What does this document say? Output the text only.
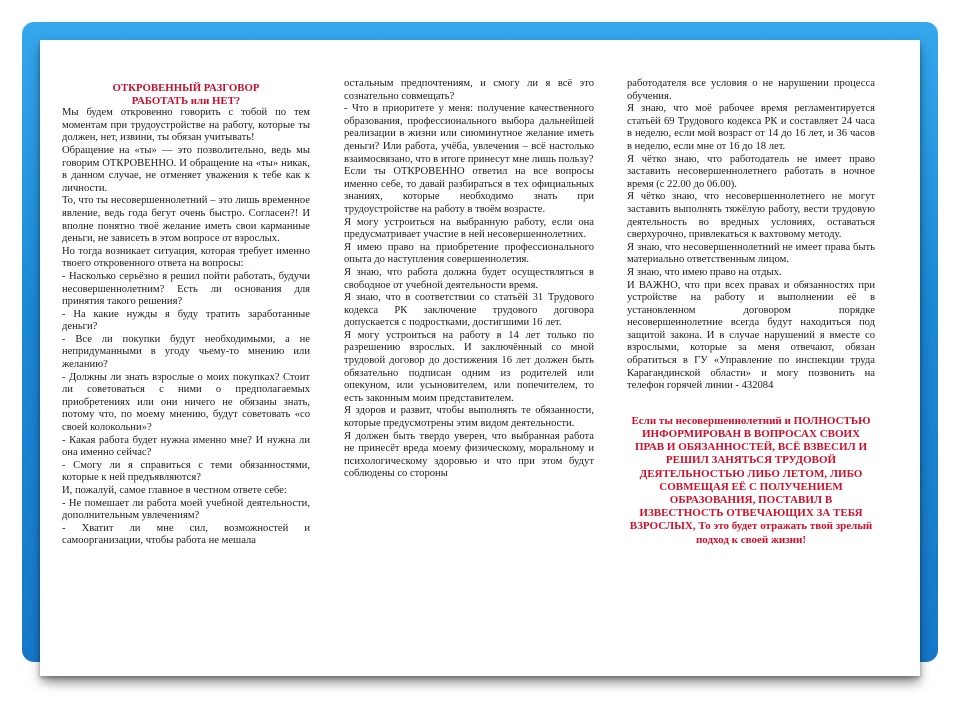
ОТКРОВЕННЫЙ РАЗГОВОР

РАБОТАТЬ или НЕТ?

Мы будем откровенно говорить с тобой по тем моментам при трудоустройстве на работу, которые ты должен, нет, извини, ты обязан учитывать!

Обращение на «ты» — это позволительно, ведь мы говорим ОТКРОВЕННО. И обращение на «ты» никак, в данном случае, не отменяет уважения к тебе как к личности.

То, что ты несовершеннолетний – это лишь временное явление, ведь года бегут очень быстро. Согласен?! И вполне понятно твоё желание иметь свои карманные деньги, не зависеть в этом вопросе от взрослых.

Но тогда возникает ситуация, которая требует именно твоего откровенного ответа на вопросы:

- Насколько серьёзно я решил пойти работать, будучи несовершеннолетним? Есть ли основания для принятия такого решения?

- На какие нужды я буду тратить заработанные деньги?

- Все ли покупки будут необходимыми, а не непридуманными в угоду чьему-то мнению или желанию?

- Должны ли знать взрослые о моих покупках? Стоит ли советоваться с ними о предполагаемых приобретениях или они ничего не обязаны знать, потому что, по моему мнению, будут советовать «со своей колокольни»?

- Какая работа будет нужна именно мне? И нужна ли она именно сейчас?

- Смогу ли я справиться с теми обязанностями, которые к ней предъявляются?

И, пожалуй, самое главное в честном ответе себе:

- Не помешает ли работа моей учебной деятельности, дополнительным увлечениям?

- Хватит ли мне сил, возможностей и самоорганизации, чтобы работа не мешала

остальным предпочтениям, и смогу ли я всё это сознательно совмещать?

- Что в приоритете у меня: получение качественного образования, профессионального выбора дальнейшей реализации в жизни или сиюминутное желание иметь деньги? Или работа, учёба, увлечения – всё настолько взаимосвязано, что в итоге принесут мне лишь пользу?

Если ты ОТКРОВЕННО ответил на все вопросы именно себе, то давай разбираться в тех официальных знаниях, которые необходимо знать при трудоустройстве на работу в твоём возрасте.

Я могу устроиться на выбранную работу, если она предусматривает участие в ней несовершеннолетних.

Я имею право на приобретение профессионального опыта до наступления совершеннолетия.

Я знаю, что работа должна будет осуществляться в свободное от учебной деятельности время.

Я знаю, что в соответствии со статьёй 31 Трудового кодекса РК заключение трудового договора допускается с подростками, достигшими 16 лет.

Я могу устроиться на работу в 14 лет только по разрешению взрослых. И заключённый со мной трудовой договор до достижения 16 лет должен быть обязательно подписан одним из родителей или опекуном, или усыновителем, или попечителем, то есть законным моим представителем.

Я здоров и развит, чтобы выполнять те обязанности, которые предусмотрены этим видом деятельности.

Я должен быть твердо уверен, что выбранная работа не принесёт вреда моему физическому, моральному и психологическому здоровью и что при этом будут соблюдены со стороны

работодателя все условия о не нарушении процесса обучения.

Я знаю, что моё рабочее время регламентируется статьёй 69 Трудового кодекса РК и составляет 24 часа в неделю, если мой возраст от 14 до 16 лет, и 36 часов в неделю, если мне от 16 до 18 лет.

Я чётко знаю, что работодатель не имеет право заставить несовершеннолетнего работать в ночное время (с 22.00 до 06.00).

Я чётко знаю, что несовершеннолетнего не могут заставить выполнять тяжёлую работу, вести трудовую деятельность во вредных условиях, оставаться сверхурочно, привлекаться к вахтовому методу.

Я знаю, что несовершеннолетний не имеет права быть материально ответственным лицом.

Я знаю, что имею право на отдых.

И ВАЖНО, что при всех правах и обязанностях при устройстве на работу и выполнении её в установленном договором порядке несовершеннолетние всегда будут находиться под защитой закона. И в случае нарушений я вместе со взрослыми, которые за меня отвечают, обязан обратиться в ГУ «Управление по инспекции труда Карагандинской области» и могу позвонить на телефон горячей линии - 432084

Если ты несовершеннолетний и ПОЛНОСТЬЮ ИНФОРМИРОВАН В ВОПРОСАХ СВОИХ ПРАВ И ОБЯЗАННОСТЕЙ, ВСЁ ВЗВЕСИЛ И РЕШИЛ ЗАНЯТЬСЯ ТРУДОВОЙ ДЕЯТЕЛЬНОСТЬЮ ЛИБО ЛЕТОМ, ЛИБО СОВМЕЩАЯ ЕЁ С ПОЛУЧЕНИЕМ ОБРАЗОВАНИЯ, ПОСТАВИЛ В ИЗВЕСТНОСТЬ ОТВЕЧАЮЩИХ ЗА ТЕБЯ ВЗРОСЛЫХ, То это будет отражать твой зрелый подход к своей жизни!
